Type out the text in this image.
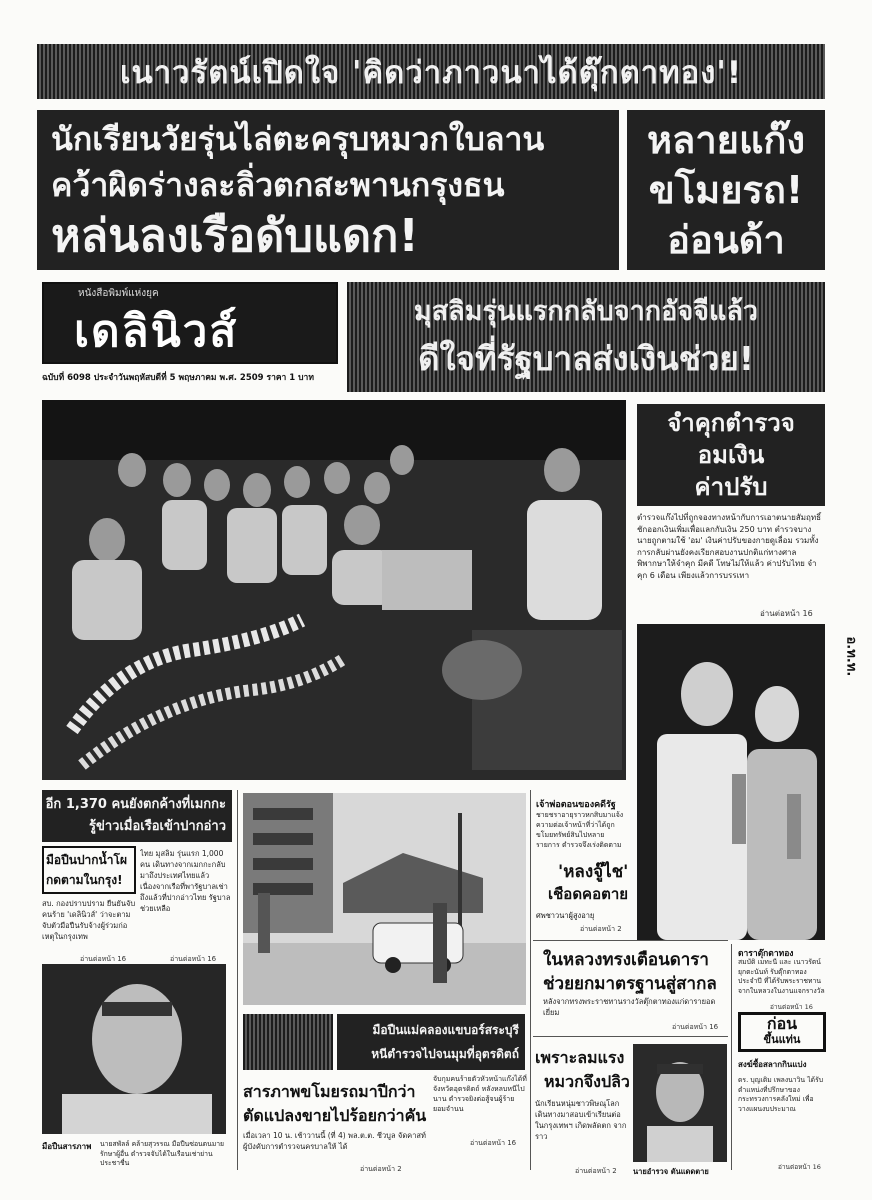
เนาวรัตน์เปิดใจ 'คิดว่าภาวนาได้ตุ๊กตาทอง'!
นักเรียนวัยรุ่นไล่ตะครุบหมวกใบลาน
คว้าผิดร่างละลิ่วตกสะพานกรุงธน
หล่นลงเรือดับแดก!
หลายแก๊ง
ขโมยรถ!
อ่อนด้า
หนังสือพิมพ์แห่งยุค
เดลินิวส์
ฉบับที่ 6098 ประจำวันพฤหัสบดีที่ 5 พฤษภาคม พ.ศ. 2509 ราคา 1 บาท
มุสลิมรุ่นแรกกลับจากอัจจีแล้ว
ดีใจที่รัฐบาลส่งเงินช่วย!
จำคุกตำรวจ
อมเงิน
ค่าปรับ
ตำรวจแก๊งไปที่ถูกจองทางหน้ากับการเอาตนายสัมฤทธิ์ ชักออกเงินเพิ่มเพื่อแลกกับเงิน 250 บาท ตำรวจบางนายถูกตามใช้ 'อม' เงินค่าปรับของกายดูเลื่อม รวมทั้งการกลับผ่านยังคงเรียกสอบงานปกติแก่ทางศาล พิพากษาให้จำคุก มีคดี โทษไม่ให้แล้ว ค่าปรับไทย จำคุก 6 เดือน เพียงแล้วการบรรเทา
อ่านต่อหน้า 16
อ.ท.ท.
อีก 1,370 คนยังตกค้างที่เมกกะ
รู้ข่าวเมื่อเรือเข้าปากอ่าว
มือปืนปากน้ำโผ
กดตามในกรุง!
สบ. กองปราบปราม ยืนยันจับคนร้าย 'เดลินิวส์' ว่าจะตามจับตัวมือปืนรับจ้างผู้ร่วมก่อเหตุในกรุงเทพ
อ่านต่อหน้า 16
ไทย มุสลิม รุ่นแรก 1,000 คน เดินทางจากเมกกะกลับมาถึงประเทศไทยแล้ว เนื่องจากเรือที่พารัฐบาลเช่าถึงแล้วที่ปากอ่าวไทย รัฐบาลช่วยเหลือ
อ่านต่อหน้า 16
เจ้าพ่อตอนของคดีรัฐ
ชายชราอายุราวหกสิบมาแจ้งความต่อเจ้าหน้าที่ว่าได้ถูกขโมยทรัพย์สินไปหลายรายการ ตำรวจจึงเร่งติดตาม
'หลงจู๊ไช'
เชือดคอตาย
ศพชาวนาผู้สูงอายุ
อ่านต่อหน้า 2
ในหลวงทรงเตือนดารา
ช่วยยกมาตรฐานสู่สากล
หลังจากทรงพระราชทานรางวัลตุ๊กตาทองแก่ดารายอดเยี่ยม
อ่านต่อหน้า 16
ดาราตุ๊กตาทอง
สมบัติ เมทะนี และ เนาวรัตน์ ยุกตะนันท์ รับตุ๊กตาทองประจำปี ที่ได้รับพระราชทานจากในหลวงในงานแจกรางวัล
อ่านต่อหน้า 16
มือปืนแม่คลองแขบอร์สระบุรี
หนีตำรวจไปจนมุมที่อุตรดิตถ์
จับกุมคนร้ายตัวหัวหน้าแก๊งได้ที่จังหวัดอุตรดิตถ์ หลังหลบหนีไปนาน ตำรวจยิงต่อสู้จนผู้ร้ายยอมจำนน
อ่านต่อหน้า 16
สารภาพขโมยรถมาปีกว่า
ตัดแปลงขายไปร้อยกว่าคัน
เมื่อเวลา 10 น. เช้าวานนี้ (ที่ 4) พล.ต.ต. ชีวบูล จัดคาสท์ ผู้บังคับการตำรวจนครบาลให้ ได้
อ่านต่อหน้า 2
มือปืนสารภาพ นายสพัลล์ คล้ายสุวรรณ มือปืนซ่อนตนมายรักษาผู้อื่น ตำรวจจับได้ในเรือนเช่าย่านประชาชื่น
เพราะลมแรง
หมวกจึงปลิว
นักเรียนหนุ่มชาวพิษณุโลก เดินทางมาสอบเข้าเรียนต่อในกรุงเทพฯ เกิดพลัดตก จากราว
อ่านต่อหน้า 2 นายอำรวจ ตันแดดตาย
ก่อน
ขึ้นแท่น
สงฆ์ซื้อสลากกินแบ่ง
ดร. บุญเติม เพลงนาวิน ได้รับตำแหน่งที่ปรึกษาของกระทรวงการคลังใหม่ เพื่อวางแผนงบประมาณ
อ่านต่อหน้า 16
